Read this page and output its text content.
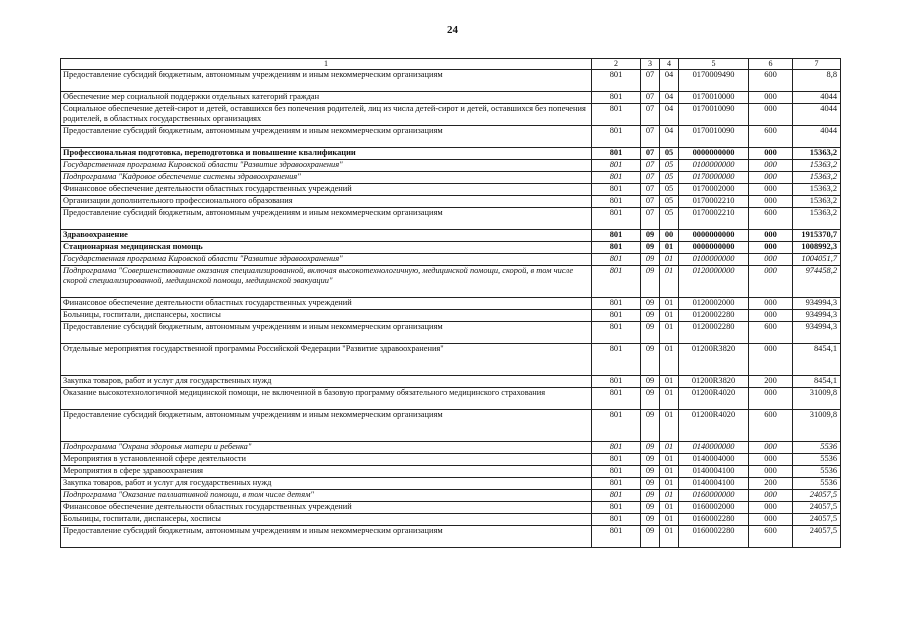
24
1	2	3	4	5	6	7
Предоставление субсидий бюджетным, автономным учреждениям и иным некоммерческим организациям	801	07	04	0170009490	600	8,8
Обеспечение мер социальной поддержки отдельных категорий граждан	801	07	04	0170010000	000	4044
Социальное обеспечение детей-сирот и детей, оставшихся без попечения родителей, лиц из числа детей-сирот и детей, оставшихся без попечения родителей, в областных государственных организациях	801	07	04	0170010090	000	4044
Предоставление субсидий бюджетным, автономным учреждениям и иным некоммерческим организациям	801	07	04	0170010090	600	4044
Профессиональная подготовка, переподготовка и повышение квалификации	801	07	05	0000000000	000	15363,2
Государственная программа Кировской области "Развитие здравоохранения"	801	07	05	0100000000	000	15363,2
Подпрограмма "Кадровое обеспечение системы здравоохранения"	801	07	05	0170000000	000	15363,2
Финансовое обеспечение деятельности областных государственных учреждений	801	07	05	0170002000	000	15363,2
Организации дополнительного профессионального образования	801	07	05	0170002210	000	15363,2
Предоставление субсидий бюджетным, автономным учреждениям и иным некоммерческим организациям	801	07	05	0170002210	600	15363,2
Здравоохранение	801	09	00	0000000000	000	1915370,7
Стационарная медицинская помощь	801	09	01	0000000000	000	1008992,3
Государственная программа Кировской области "Развитие здравоохранения"	801	09	01	0100000000	000	1004051,7
Подпрограмма "Совершенствование оказания специализированной, включая высокотехнологичную, медицинской помощи, скорой, в том числе скорой специализированной, медицинской помощи, медицинской эвакуации"	801	09	01	0120000000	000	974458,2
Финансовое обеспечение деятельности областных государственных учреждений	801	09	01	0120002000	000	934994,3
Больницы, госпитали, диспансеры, хосписы	801	09	01	0120002280	000	934994,3
Предоставление субсидий бюджетным, автономным учреждениям и иным некоммерческим организациям	801	09	01	0120002280	600	934994,3
Отдельные мероприятия государственной программы Российской Федерации "Развитие здравоохранения"	801	09	01	01200R3820	000	8454,1
Закупка товаров, работ и услуг для государственных нужд	801	09	01	01200R3820	200	8454,1
Оказание высокотехнологичной медицинской помощи, не включенной в базовую программу обязательного медицинского страхования	801	09	01	01200R4020	000	31009,8
Предоставление субсидий бюджетным, автономным учреждениям и иным некоммерческим организациям	801	09	01	01200R4020	600	31009,8
Подпрограмма "Охрана здоровья матери и ребенка"	801	09	01	0140000000	000	5536
Мероприятия в установленной сфере деятельности	801	09	01	0140004000	000	5536
Мероприятия в сфере здравоохранения	801	09	01	0140004100	000	5536
Закупка товаров, работ и услуг для государственных нужд	801	09	01	0140004100	200	5536
Подпрограмма "Оказание паллиативной помощи, в том числе детям"	801	09	01	0160000000	000	24057,5
Финансовое обеспечение деятельности областных государственных учреждений	801	09	01	0160002000	000	24057,5
Больницы, госпитали, диспансеры, хосписы	801	09	01	0160002280	000	24057,5
Предоставление субсидий бюджетным, автономным учреждениям и иным некоммерческим организациям	801	09	01	0160002280	600	24057,5
